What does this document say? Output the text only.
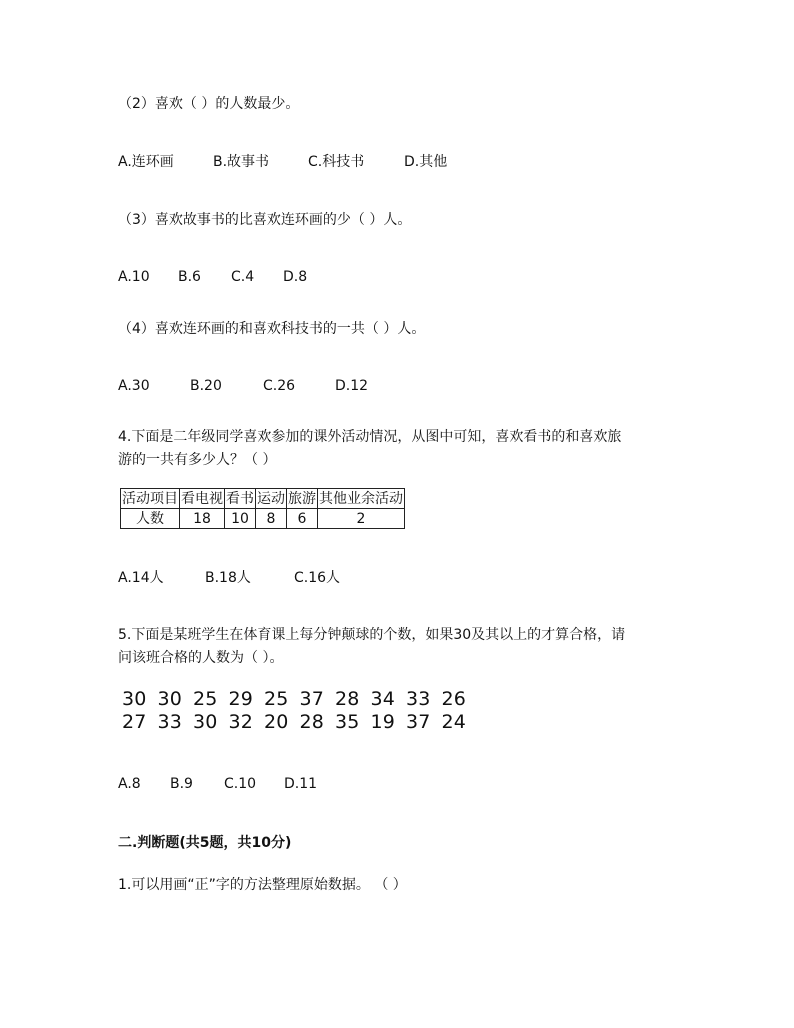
（2）喜欢（ ）的人数最少。
A.连环画	B.故事书	C.科技书	D.其他
（3）喜欢故事书的比喜欢连环画的少（ ）人。
A.10 B.6 C.4 D.8
（4）喜欢连环画的和喜欢科技书的一共（ ）人。
A.30	B.20	C.26	D.12
4.下面是二年级同学喜欢参加的课外活动情况，从图中可知，喜欢看书的和喜欢旅
游的一共有多少人？（ ）
活动项目	看电视	看书	运动	旅游	其他业余活动
人数	18	10	8	6	2
A.14人	B.18人	C.16人
5.下面是某班学生在体育课上每分钟颠球的个数，如果30及其以上的才算合格，请
问该班合格的人数为（ ）。
30 30 25 29 25 37 28 34 33 26
27 33 30 32 20 28 35 19 37 24
A.8 B.9 C.10 D.11
二.判断题(共5题，共10分)
1.可以用画“正”字的方法整理原始数据。 （ ）
